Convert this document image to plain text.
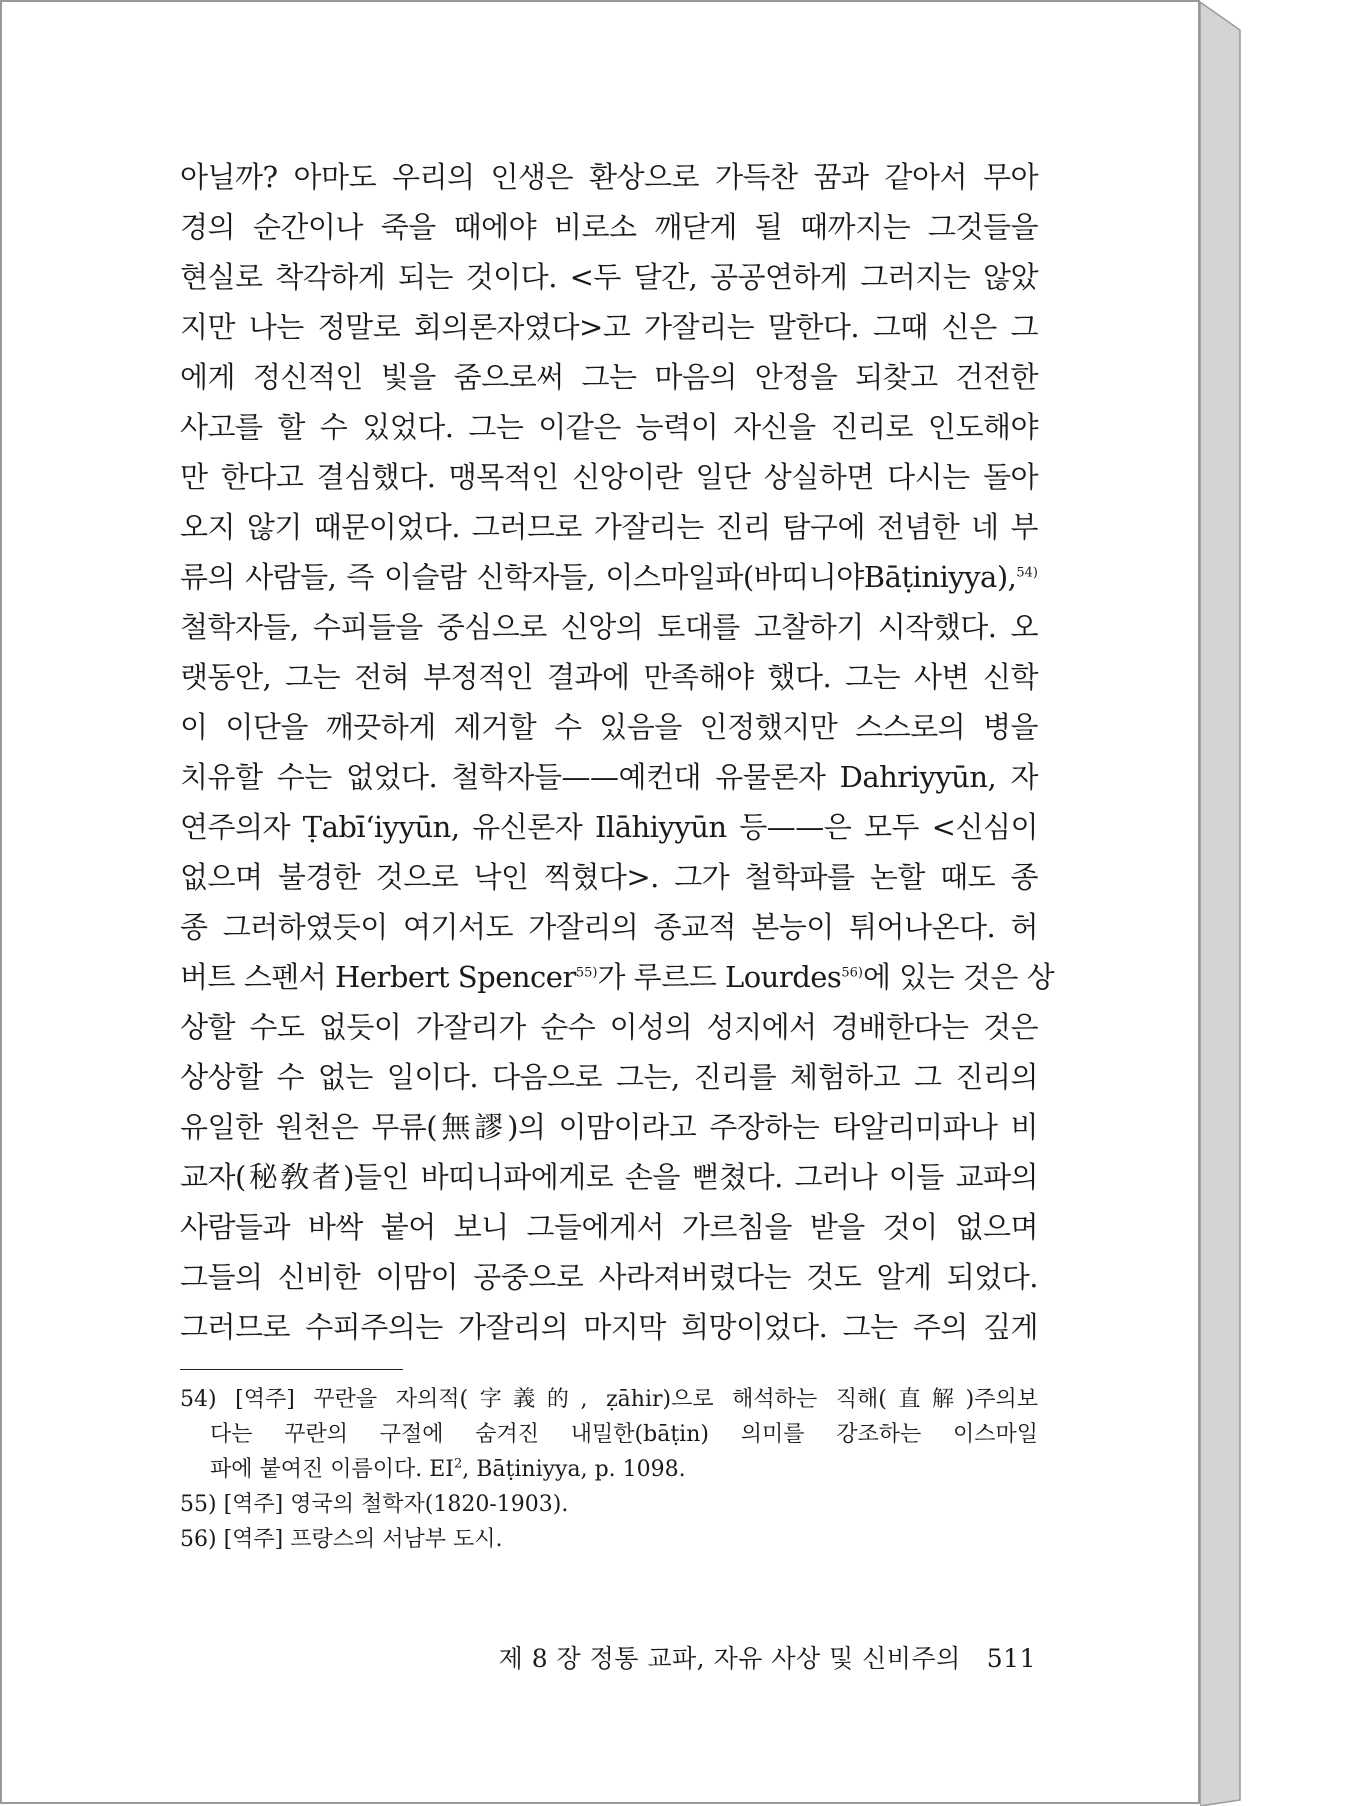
아닐까? 아마도 우리의 인생은 환상으로 가득찬 꿈과 같아서 무아
경의 순간이나 죽을 때에야 비로소 깨닫게 될 때까지는 그것들을
현실로 착각하게 되는 것이다. <두 달간, 공공연하게 그러지는 않았
지만 나는 정말로 회의론자였다>고 가잘리는 말한다. 그때 신은 그
에게 정신적인 빛을 줌으로써 그는 마음의 안정을 되찾고 건전한
사고를 할 수 있었다. 그는 이같은 능력이 자신을 진리로 인도해야
만 한다고 결심했다. 맹목적인 신앙이란 일단 상실하면 다시는 돌아
오지 않기 때문이었다. 그러므로 가잘리는 진리 탐구에 전념한 네 부
류의 사람들, 즉 이슬람 신학자들, 이스마일파(바띠니야Bāṭiniyya),$^{54)}$
철학자들, 수피들을 중심으로 신앙의 토대를 고찰하기 시작했다. 오
랫동안, 그는 전혀 부정적인 결과에 만족해야 했다. 그는 사변 신학
이 이단을 깨끗하게 제거할 수 있음을 인정했지만 스스로의 병을
치유할 수는 없었다. 철학자들——예컨대 유물론자 Dahriyyūn, 자
연주의자 Ṭabī‘iyyūn, 유신론자 Ilāhiyyūn 등——은 모두 <신심이
없으며 불경한 것으로 낙인 찍혔다>. 그가 철학파를 논할 때도 종
종 그러하였듯이 여기서도 가잘리의 종교적 본능이 튀어나온다. 허
버트 스펜서 Herbert Spencer$^{55)}$가 루르드 Lourdes$^{56)}$에 있는 것은 상
상할 수도 없듯이 가잘리가 순수 이성의 성지에서 경배한다는 것은
상상할 수 없는 일이다. 다음으로 그는, 진리를 체험하고 그 진리의
유일한 원천은 무류(無謬)의 이맘이라고 주장하는 타알리미파나 비
교자(秘敎者)들인 바띠니파에게로 손을 뻗쳤다. 그러나 이들 교파의
사람들과 바싹 붙어 보니 그들에게서 가르침을 받을 것이 없으며
그들의 신비한 이맘이 공중으로 사라져버렸다는 것도 알게 되었다.
그러므로 수피주의는 가잘리의 마지막 희망이었다. 그는 주의 깊게
54) [역주] 꾸란을 자의적(字義的, ẓāhir)으로 해석하는 직해(直解)주의보
다는 꾸란의 구절에 숨겨진 내밀한(bāṭin) 의미를 강조하는 이스마일
파에 붙여진 이름이다. $EI^2$, Bāṭiniyya, p. 1098.
55) [역주] 영국의 철학자(1820-1903).
56) [역주] 프랑스의 서남부 도시.
제 8 장 정통 교파, 자유 사상 및 신비주의 511
